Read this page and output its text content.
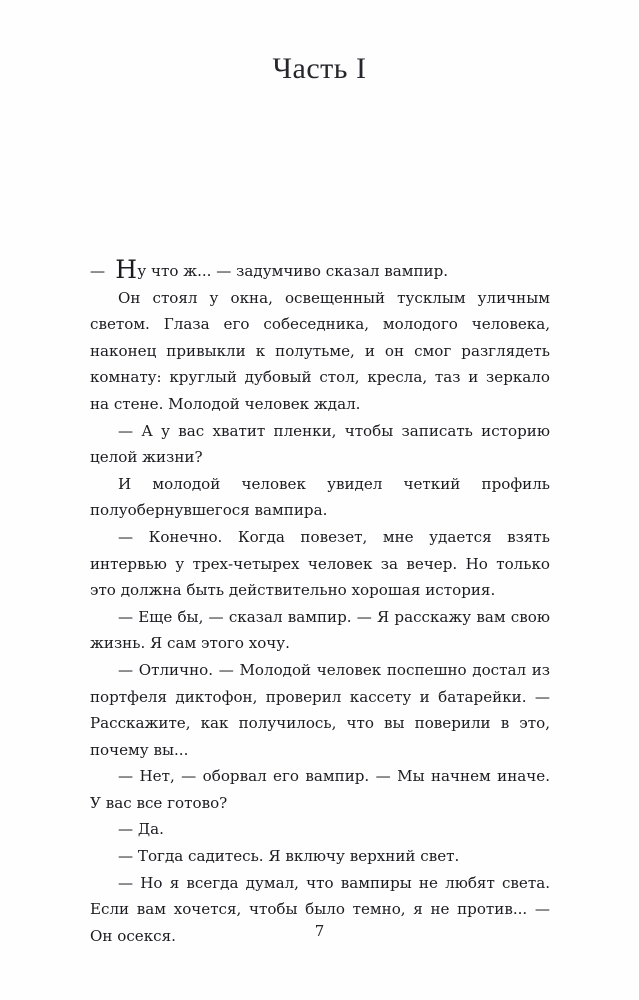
Часть I

— Ну что ж... — задумчиво сказал вампир.

Он стоял у окна, освещенный тусклым уличным светом. Глаза его собеседника, молодого человека, наконец привыкли к полутьме, и он смог разглядеть комнату: круглый дубовый стол, кресла, таз и зеркало на стене. Молодой человек ждал.

— А у вас хватит пленки, чтобы записать историю целой жизни?

И молодой человек увидел четкий профиль полуобернувшегося вампира.

— Конечно. Когда повезет, мне удается взять интервью у трех-четырех человек за вечер. Но только это должна быть действительно хорошая история.

— Еще бы, — сказал вампир. — Я расскажу вам свою жизнь. Я сам этого хочу.

— Отлично. — Молодой человек поспешно достал из портфеля диктофон, проверил кассету и батарейки. — Расскажите, как получилось, что вы поверили в это, почему вы...

— Нет, — оборвал его вампир. — Мы начнем иначе. У вас все готово?

— Да.

— Тогда садитесь. Я включу верхний свет.

— Но я всегда думал, что вампиры не любят света. Если вам хочется, чтобы было темно, я не против... — Он осекся.	7
